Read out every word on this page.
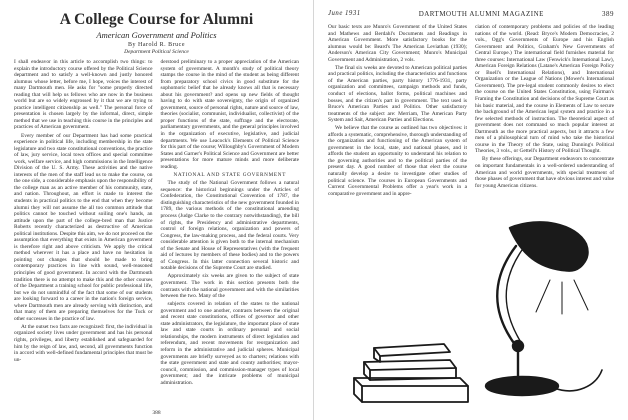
A College Course for Alumni
American Government and Politics
By Harold R. Bruce
Department Political Science

I shall endeavor in this article to accomplish two things: to explain the introductory course offered by the Political Science department and to satisfy a well-known and justly honored alumnus whose letter, before me, I hope, voices the interest of many Dartmouth men. He asks for "some properly directed reading that will help us fellows who are now in the business world but are so widely engrossed by it that we are trying to practice intelligent citizenship as well." The personal force of presentation is chosen largely by the informal, direct, simple method that we use in teaching this course in the principles and practices of American government.

Every member of our Department has had some practical experience in political life, including membership in the state legislature and two state constitutional conventions, the practice of law, jury service, local town offices and special committee work, welfare service, and high commissions in the Intelligence Division of the U. S. Army. These activities and the native interests of the men of the staff lead us to make the course, on the one side, a considerable emphasis upon the responsibility of the college man as an active member of his community, state, and nation. Throughout, an effort is made to interest the students in practical politics to the end that when they become alumni they will not assume the all too common attitude that politics cannot be touched without soiling one's hands, an attitude upon the part of the college-bred man that Justice Roberts recently characterized as destructive of American political institutions. Despite this aim, we do not proceed on the assumption that everything that exists in American government is therefore right and above criticism. We apply the critical method wherever it has a place and have no hesitation in pointing out changes that should be made to bring contemporary practices in line with sound, well-reasoned principles of good government. In accord with the Dartmouth tradition there is no attempt to make this and the other courses of the Department a training school for public professional life, but we do not unmindful of the fact that some of our students are looking forward to a career in the nation's foreign service, where Dartmouth men are already serving with distinction, and that many of them are preparing themselves for the Tuck or other successes in the practice of law.

At the outset two facts are recognized: first, the individual in organized society lives under government and has his personal rights, privileges, and liberty established and safeguarded for him by the reign of law, and, second, all governments function in accord with well-defined fundamental principles that must be un-

derstood preliminary to a proper appreciation of the American system of government. A month's study of political theory stamps the course in the mind of the student as being different from preparatory school civics in good substitute for the sophomoric belief that he already knows all that is necessary about his government? and opens up new fields of thought having to do with state sovereignty, the origin of organized government, source of personal rights, nature and source of law, theories (socialist, communist, individualist, collectivist) of the proper functions of the state, suffrage and the electorate, parliamentary governments, and the general principles involved in the organization of executive, legislative, and judicial departments. We use Leacock's Elements of Political Science for this part of the course; Willoughby's Government of Modern States and Garner's Political Science and Government are better presentations for more mature minds and more deliberate reading.

NATIONAL AND STATE GOVERNMENT

The study of the National Government follows a natural sequence: the historical beginnings under the Articles of Confederation, the Constitutional Convention of 1787, the distinguishing characteristics of the new government founded in 1789, the various methods of the constitutional amending process (Judge Clarke to the contrary notwithstanding), the bill of rights, the Presidency and administrative departments, control of foreign relations, organization and powers of Congress, the law-making process, and the federal courts. Very considerable attention is given both to the internal mechanism of the Senate and House of Representatives (with the frequent aid of lectures by members of these bodies) and to the powers of Congress. In this latter connection several historic and notable decisions of the Supreme Court are studied.

Approximately six weeks are given to the subject of state government. The work in this section presents both the contrasts with the national government and with the similarities between the two. Many of the

subjects covered in relation of the states to the national government and to one another, contrasts between the original and recent state constitutions, offices of governor and other state administrators, the legislature, the important place of state law and state courts in ordinary personal and social relationships, the modern instruments of direct legislation and referendum, and recent movements for reorganization and reform in the administrative and judicial spheres. Municipal governments are briefly surveyed as to charters; relations with the state government and state and county authorities; mayor-council, commission, and commission-manager types of local government; and the intricate problems of municipal administration.

388
June 1931	DARTMOUTH ALUMNI MAGAZINE	389

Our basic texts are Munro's Government of the United States and Mathews and Berdahl's Documents and Readings in American Government. More satisfactory books for the alumnus would be: Beard's The American Leviathan (1930); Anderson's American City Government; Munro's Municipal Government and Administration, 2 vols.

The final six weeks are devoted to American political parties and practical politics, including the characteristics and functions of the American parties, party history 1776-1931, party organization and committees, campaign methods and funds, conduct of elections, ballot forms, political machines and bosses, and the citizen's part in government. The text used is Bruce's American Parties and Politics. Other satisfactory treatments of the subject are: Merriam, The American Party System and Sait, American Parties and Elections.

We believe that the course as outlined has two objectives: it affords a systematic, comprehensive, thorough understanding of the organization and functioning of the American system of government in the local, state, and national phases, and it affords the student an opportunity to understand his relation to the governing authorities and to the political parties of the present day. A good number of those that elect the course naturally develop a desire to investigate other studies of political science. The courses in European Governments and Current Governmental Problems offer a year's work in a comparative government and in appre-

ciation of contemporary problems and policies of the leading nations of the world. (Read: Bryce's Modern Democracies, 2 vols., Ogg's Governments of Europe and his English Government and Politics, Graham's New Governments of Central Europe.) The international field furnishes material for three courses: International Law (Fenwick's International Law), American Foreign Relations (Latane's American Foreign Policy or Buell's International Relations), and International Organization or the League of Nations (Mower's International Government). The pre-legal student commonly desires to elect the course on the United States Constitution, using Fairman's Framing the Constitution and decisions of the Supreme Court as his basic material, and the course in Elements of Law to secure the background of the American legal system and practice in a few selected methods of instruction. The theoretical aspect of government does not command so much popular interest at Dartmouth as the more practical aspects, but it attracts a few men of a philosophical turn of mind who take the historical course in the Theory of the State, using Dunning's Political Theories, 3 vols., or Gettell's History of Political Thought.

By these offerings, our Department endeavors to concentrate on important fundamentals in a well-ordered understanding of American and world governments, with special treatment of those phases of government that have obvious interest and value for young American citizens.
